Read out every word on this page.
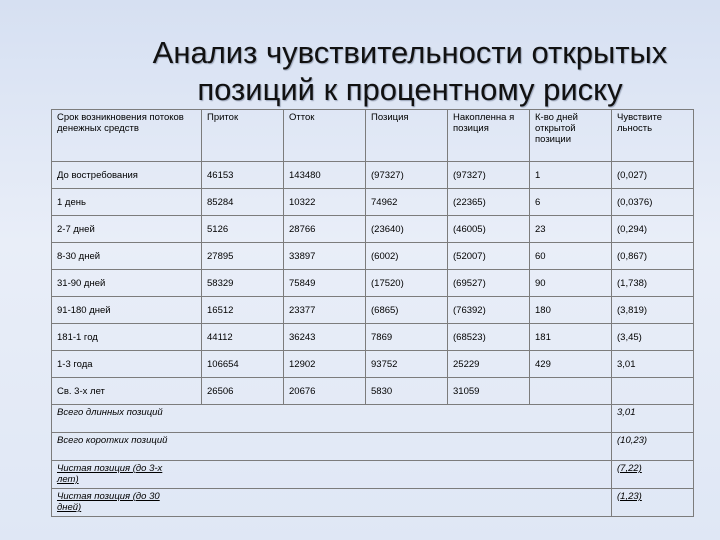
Анализ чувствительности открытых
позиций к процентному риску
Срок возникновения потоков денежных средств	Приток	Отток	Позиция	Накопленна я позиция	К-во дней открытой позиции	Чувствите льность
До востребования	46153	143480	(97327)	(97327)	1	(0,027)
1 день	85284	10322	74962	(22365)	6	(0,0376)
2-7 дней	5126	28766	(23640)	(46005)	23	(0,294)
8-30 дней	27895	33897	(6002)	(52007)	60	(0,867)
31-90 дней	58329	75849	(17520)	(69527)	90	(1,738)
91-180 дней	16512	23377	(6865)	(76392)	180	(3,819)
181-1 год	44112	36243	7869	(68523)	181	(3,45)
1-3 года	106654	12902	93752	25229	429	3,01
Св. 3-х лет	26506	20676	5830	31059		
Всего длинных позиций						3,01
Всего коротких позиций						(10,23)

Чистая позиция (до 3-х лет)						(7,22)

Чистая позиция (до 30 дней)						(1,23)
